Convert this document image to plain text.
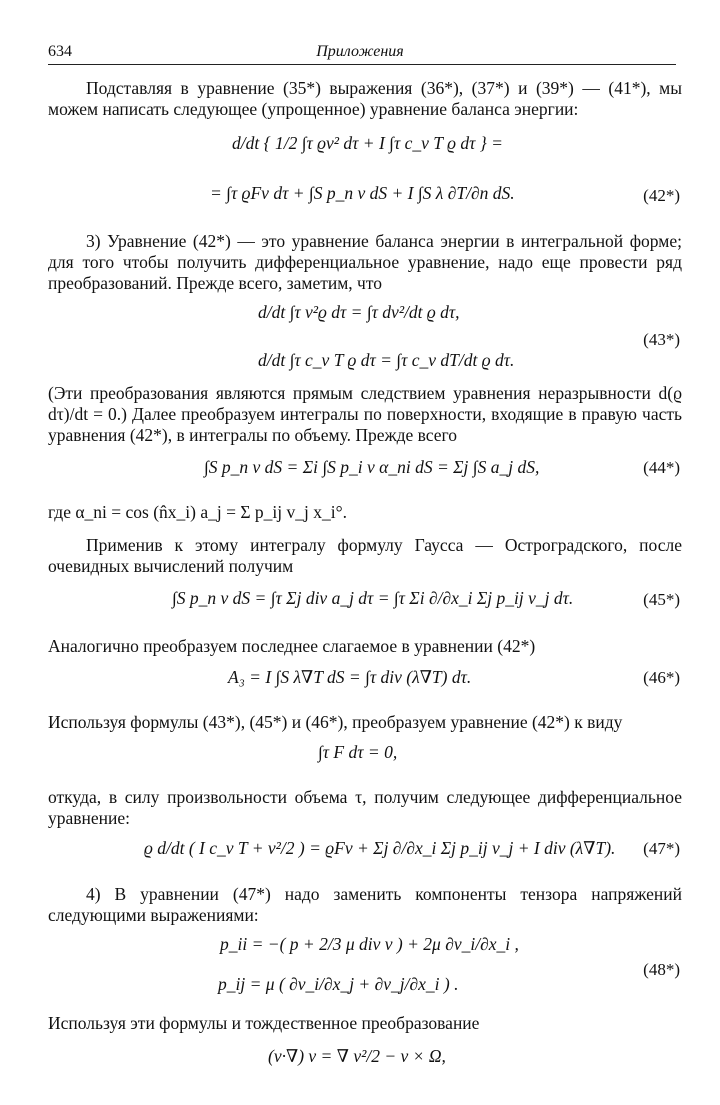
634	Приложения
Подставляя в уравнение (35*) выражения (36*), (37*) и (39*) — (41*), мы можем написать следующее (упрощенное) уравнение баланса энергии:
d/dt { 1/2 ∫τ ϱv² dτ + I ∫τ c_v T ϱ dτ } =
= ∫τ ϱFv dτ + ∫S p_n v dS + I ∫S λ ∂T/∂n dS.	(42*)
3) Уравнение (42*) — это уравнение баланса энергии в интегральной форме; для того чтобы получить дифференциальное уравнение, надо еще провести ряд преобразований. Прежде всего, заметим, что
d/dt ∫τ v²ϱ dτ = ∫τ dv²/dt ϱ dτ,
d/dt ∫τ c_v T ϱ dτ = ∫τ c_v dT/dt ϱ dτ.
(43*)
(Эти преобразования являются прямым следствием уравнения неразрывности d(ϱ dτ)/dt = 0.) Далее преобразуем интегралы по поверхности, входящие в правую часть уравнения (42*), в интегралы по объему. Прежде всего
∫S p_n v dS = Σi ∫S p_i v α_ni dS = Σj ∫S a_j dS,	(44*)
где α_ni = cos (n̂x_i) a_j = Σ p_ij v_j x_i°.
Применив к этому интегралу формулу Гаусса — Остроградского, после очевидных вычислений получим
∫S p_n v dS = ∫τ Σj div a_j dτ = ∫τ Σi ∂/∂x_i Σj p_ij v_j dτ.	(45*)
Аналогично преобразуем последнее слагаемое в уравнении (42*)
A₃ = I ∫S λ∇T dS = ∫τ div (λ∇T) dτ.	(46*)
Используя формулы (43*), (45*) и (46*), преобразуем уравнение (42*) к виду
∫τ F dτ = 0,
откуда, в силу произвольности объема τ, получим следующее дифференциальное уравнение:
ϱ d/dt ( I c_v T + v²/2 ) = ϱFv + Σj ∂/∂x_i Σj p_ij v_j + I div (λ∇T). (47*)
4) В уравнении (47*) надо заменить компоненты тензора напряжений следующими выражениями:
p_ii = −( p + 2/3 μ div v ) + 2μ ∂v_i/∂x_i ,
p_ij = μ ( ∂v_i/∂x_j + ∂v_j/∂x_i ) .
(48*)
Используя эти формулы и тождественное преобразование
(v·∇) v = ∇ v²/2 − v × Ω,
